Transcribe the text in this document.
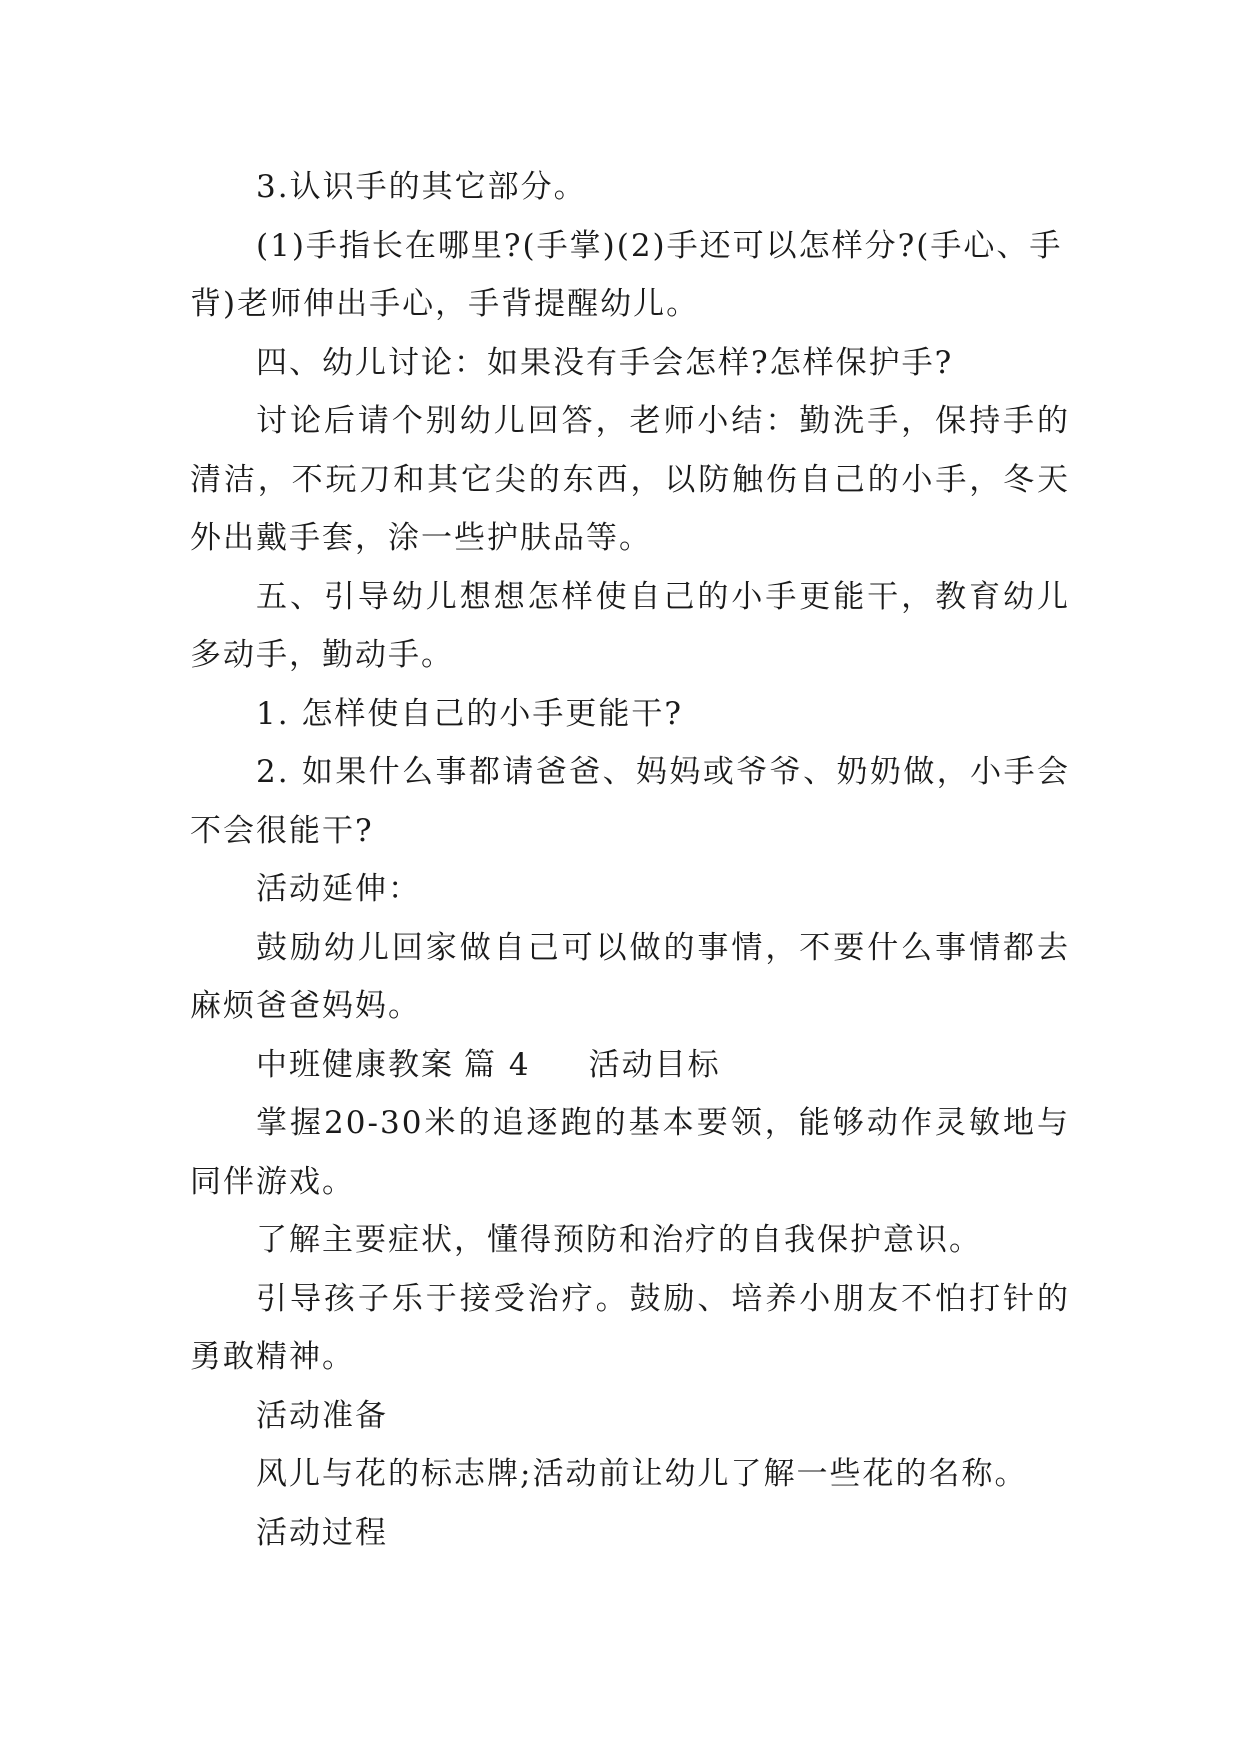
3.认识手的其它部分。

(1)手指长在哪里?(手掌)(2)手还可以怎样分?(手心、手背)老师伸出手心，手背提醒幼儿。

四、幼儿讨论：如果没有手会怎样?怎样保护手?

讨论后请个别幼儿回答，老师小结：勤洗手，保持手的清洁，不玩刀和其它尖的东西，以防触伤自己的小手，冬天外出戴手套，涂一些护肤品等。

五、引导幼儿想想怎样使自己的小手更能干，教育幼儿多动手，勤动手。

1. 怎样使自己的小手更能干?

2. 如果什么事都请爸爸、妈妈或爷爷、奶奶做，小手会不会很能干?

活动延伸：

鼓励幼儿回家做自己可以做的事情，不要什么事情都去麻烦爸爸妈妈。

中班健康教案 篇 4 活动目标

掌握20-30米的追逐跑的基本要领，能够动作灵敏地与同伴游戏。

了解主要症状，懂得预防和治疗的自我保护意识。

引导孩子乐于接受治疗。鼓励、培养小朋友不怕打针的勇敢精神。

活动准备

风儿与花的标志牌;活动前让幼儿了解一些花的名称。

活动过程
